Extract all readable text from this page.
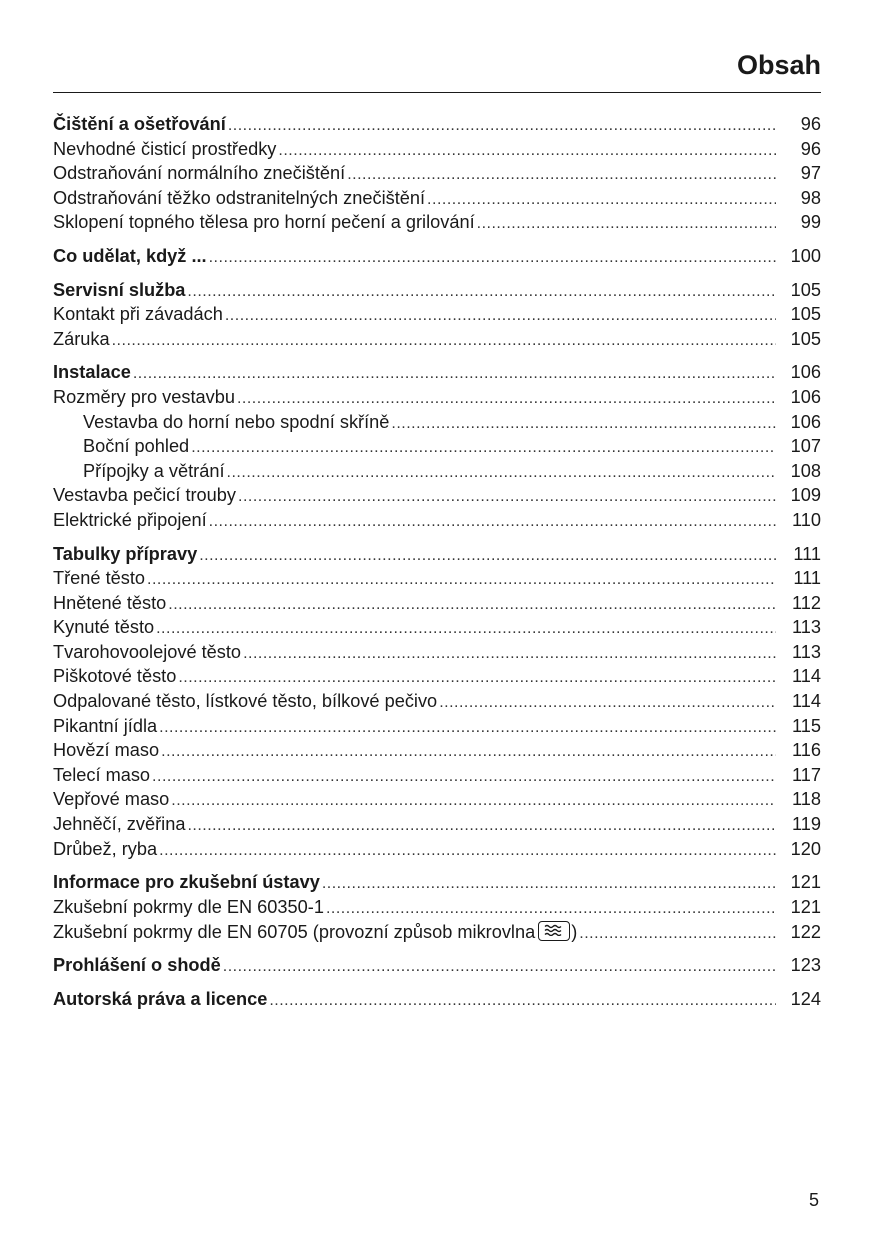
Obsah
Čištění a ošetřování .....	96
Nevhodné čisticí prostředky .....	96
Odstraňování normálního znečištění .....	97
Odstraňování těžko odstranitelných znečištění .....	98
Sklopení topného tělesa pro horní pečení a grilování .....	99
Co udělat, když ... .....	100
Servisní služba .....	105
Kontakt při závadách .....	105
Záruka .....	105
Instalace .....	106
Rozměry pro vestavbu .....	106
Vestavba do horní nebo spodní skříně .....	106
Boční pohled .....	107
Přípojky a větrání .....	108
Vestavba pečicí trouby .....	109
Elektrické připojení .....	110
Tabulky přípravy .....	111
Třené těsto .....	111
Hnětené těsto .....	112
Kynuté těsto .....	113
Tvarohovoolejové těsto .....	113
Piškotové těsto .....	114
Odpalované těsto, lístkové těsto, bílkové pečivo .....	114
Pikantní jídla .....	115
Hovězí maso .....	116
Telecí maso .....	117
Vepřové maso .....	118
Jehněčí, zvěřina .....	119
Drůbež, ryba .....	120
Informace pro zkušební ústavy .....	121
Zkušební pokrmy dle EN 60350-1 .....	121
Zkušební pokrmy dle EN 60705 (provozní způsob mikrovlna ) .....	122
Prohlášení o shodě .....	123
Autorská práva a licence .....	124
5
